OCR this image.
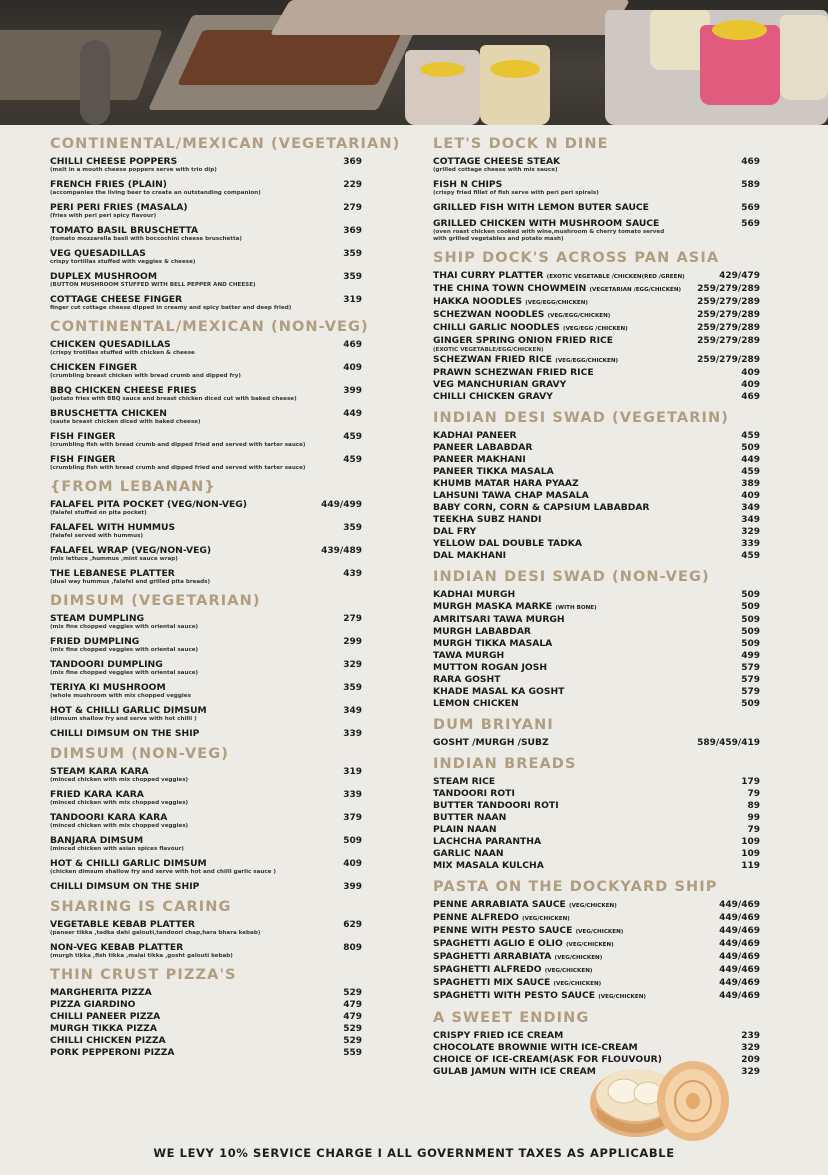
CONTINENTAL/MEXICAN (VEGETARIAN)
CHILLI CHEESE POPPERS	369
(melt in a mouth cheese poppers serve with trio dip)
FRENCH FRIES (PLAIN)	229
(accompanies the living beer to create an outstanding companion)
PERI PERI FRIES (MASALA)	279
(fries with peri peri spicy flavour)
TOMATO BASIL BRUSCHETTA	369
(tomato mozzarella basil with boccochini cheese bruschetta)
VEG QUESADILLAS	359
crispy tortillas stuffed with veggies & cheese)
DUPLEX MUSHROOM	359
(BUTTON MUSHROOM STUFFED WITH BELL PEPPER AND CHEESE)
COTTAGE CHEESE FINGER	319
finger cut cottage cheese dipped in creamy and spicy batter and deep fried)
CONTINENTAL/MEXICAN (NON-VEG)
CHICKEN QUESADILLAS	469
(crispy trotillas stuffed with chicken & cheese
CHICKEN FINGER	409
(crumbling breast chicken with bread crumb and dipped fry)
BBQ CHICKEN CHEESE FRIES	399
(potato fries with BBQ sauce and breast chicken diced cut with baked cheese)
BRUSCHETTA CHICKEN	449
(saute breast chicken diced with baked cheese)
FISH FINGER	459
(crumbling fish with bread crumb and dipped fried and served with tarter sauce)
FISH FINGER	459
(crumbling fish with bread crumb and dipped fried and served with tarter sauce)
{FROM LEBANAN}
FALAFEL PITA POCKET (VEG/NON-VEG)	449/499
(falafel stuffed on pita pocket)
FALAFEL WITH HUMMUS	359
(falafel served with hummus)
FALAFEL WRAP (VEG/NON-VEG)	439/489
(mix lettuce ,hummus ,mint sauce wrap)
THE LEBANESE PLATTER	439
(dual way hummus ,falafel and grilled pita breads)
DIMSUM (VEGETARIAN)
STEAM DUMPLING	279
(mix fine chopped veggies with oriental sauce)
FRIED DUMPLING	299
(mix fine chopped veggies with oriental sauce)
TANDOORI DUMPLING	329
(mix fine chopped veggies with oriental sauce)
TERIYA KI MUSHROOM	359
(whole mushroom with mix chopped veggies
HOT & CHILLI GARLIC DIMSUM	349
(dimsum shallow fry and serve with hot chilli )
CHILLI DIMSUM ON THE SHIP	339
DIMSUM (NON-VEG)
STEAM KARA KARA	319
(minced chicken with mix chopped veggies)
FRIED KARA KARA	339
(minced chicken with mix chopped veggies)
TANDOORI KARA KARA	379
(minced chicken with mix chopped veggies)
BANJARA DIMSUM	509
(minced chicken with asian spices flavour)
HOT & CHILLI GARLIC DIMSUM	409
(chicken dimsum shallow fry and serve with hot and chilli garlic sauce )
CHILLI DIMSUM ON THE SHIP	399
SHARING IS CARING
VEGETABLE KEBAB PLATTER	629
(paneer tikka ,tadka dahi galouti,tandoori chap,hara bhara kebab)
NON-VEG KEBAB PLATTER	809
(murgh tikka ,fish tikka ,malai tikka ,gosht galouti kebab)
THIN CRUST PIZZA'S
MARGHERITA PIZZA	529
PIZZA GIARDINO	479
CHILLI PANEER PIZZA	479
MURGH TIKKA PIZZA	529
CHILLI CHICKEN PIZZA	529
PORK PEPPERONI PIZZA	559
LET'S DOCK N DINE
COTTAGE CHEESE STEAK	469
(grilled cottage cheese with mix sauce)
FISH N CHIPS	589
(crispy fried fillet of fish serve with peri peri spirals)
GRILLED FISH WITH LEMON BUTER SAUCE	569
GRILLED CHICKEN WITH MUSHROOM SAUCE	569
(oven roast chicken cooked with wine,mushroom & cherry tomato served
with grilled vegetables and potato mash)
SHIP DOCK'S ACROSS PAN ASIA
THAI CURRY PLATTER (EXOTIC VEGETABLE /CHICKEN(RED /GREEN)	429/479
THE CHINA TOWN CHOWMEIN (VEGETARIAN /EGG/CHICKEN) 259/279/289
HAKKA NOODLES (VEG/EGG/CHICKEN)	259/279/289
SCHEZWAN NOODLES (VEG/EGG/CHICKEN)	259/279/289
CHILLI GARLIC NOODLES (VEG/EGG /CHICKEN)	259/279/289
GINGER SPRING ONION FRIED RICE	259/279/289
(EXOTIC VEGETABLE/EGG/CHICKEN)
SCHEZWAN FRIED RICE (VEG/EGG/CHICKEN)	259/279/289
PRAWN SCHEZWAN FRIED RICE	409
VEG MANCHURIAN GRAVY	409
CHILLI CHICKEN GRAVY	469
INDIAN DESI SWAD (VEGETARIN)
KADHAI PANEER	459
PANEER LABABDAR	509
PANEER MAKHANI	449
PANEER TIKKA MASALA	459
KHUMB MATAR HARA PYAAZ	389
LAHSUNI TAWA CHAP MASALA	409
BABY CORN, CORN & CAPSIUM LABABDAR	349
TEEKHA SUBZ HANDI	349
DAL FRY	329
YELLOW DAL DOUBLE TADKA	339
DAL MAKHANI	459
INDIAN DESI SWAD (NON-VEG)
KADHAI MURGH	509
MURGH MASKA MARKE (WITH BONE)	509
AMRITSARI TAWA MURGH	509
MURGH LABABDAR	509
MURGH TIKKA MASALA	509
TAWA MURGH	499
MUTTON ROGAN JOSH	579
RARA GOSHT	579
KHADE MASAL KA GOSHT	579
LEMON CHICKEN	509
DUM BRIYANI
GOSHT /MURGH /SUBZ	589/459/419
INDIAN BREADS
STEAM RICE	179
TANDOORI ROTI	79
BUTTER TANDOORI ROTI	89
BUTTER NAAN	99
PLAIN NAAN	79
LACHCHA PARANTHA	109
GARLIC NAAN	109
MIX MASALA KULCHA	119
PASTA ON THE DOCKYARD SHIP
PENNE ARRABIATA SAUCE (VEG/CHICKEN)	449/469
PENNE ALFREDO (VEG/CHICKEN)	449/469
PENNE WITH PESTO SAUCE (VEG/CHICKEN)	449/469
SPAGHETTI AGLIO E OLIO (VEG/CHICKEN)	449/469
SPAGHETTI ARRABIATA (VEG/CHICKEN)	449/469
SPAGHETTI ALFREDO (VEG/CHICKEN)	449/469
SPAGHETTI MIX SAUCE (VEG/CHICKEN)	449/469
SPAGHETTI WITH PESTO SAUCE (VEG/CHICKEN)	449/469
A SWEET ENDING
CRISPY FRIED ICE CREAM	239
CHOCOLATE BROWNIE WITH ICE-CREAM	329
CHOICE OF ICE-CREAM(ASK FOR FLOUVOUR)	209
GULAB JAMUN WITH ICE CREAM	329
WE LEVY 10% SERVICE CHARGE I ALL GOVERNMENT TAXES AS APPLICABLE
